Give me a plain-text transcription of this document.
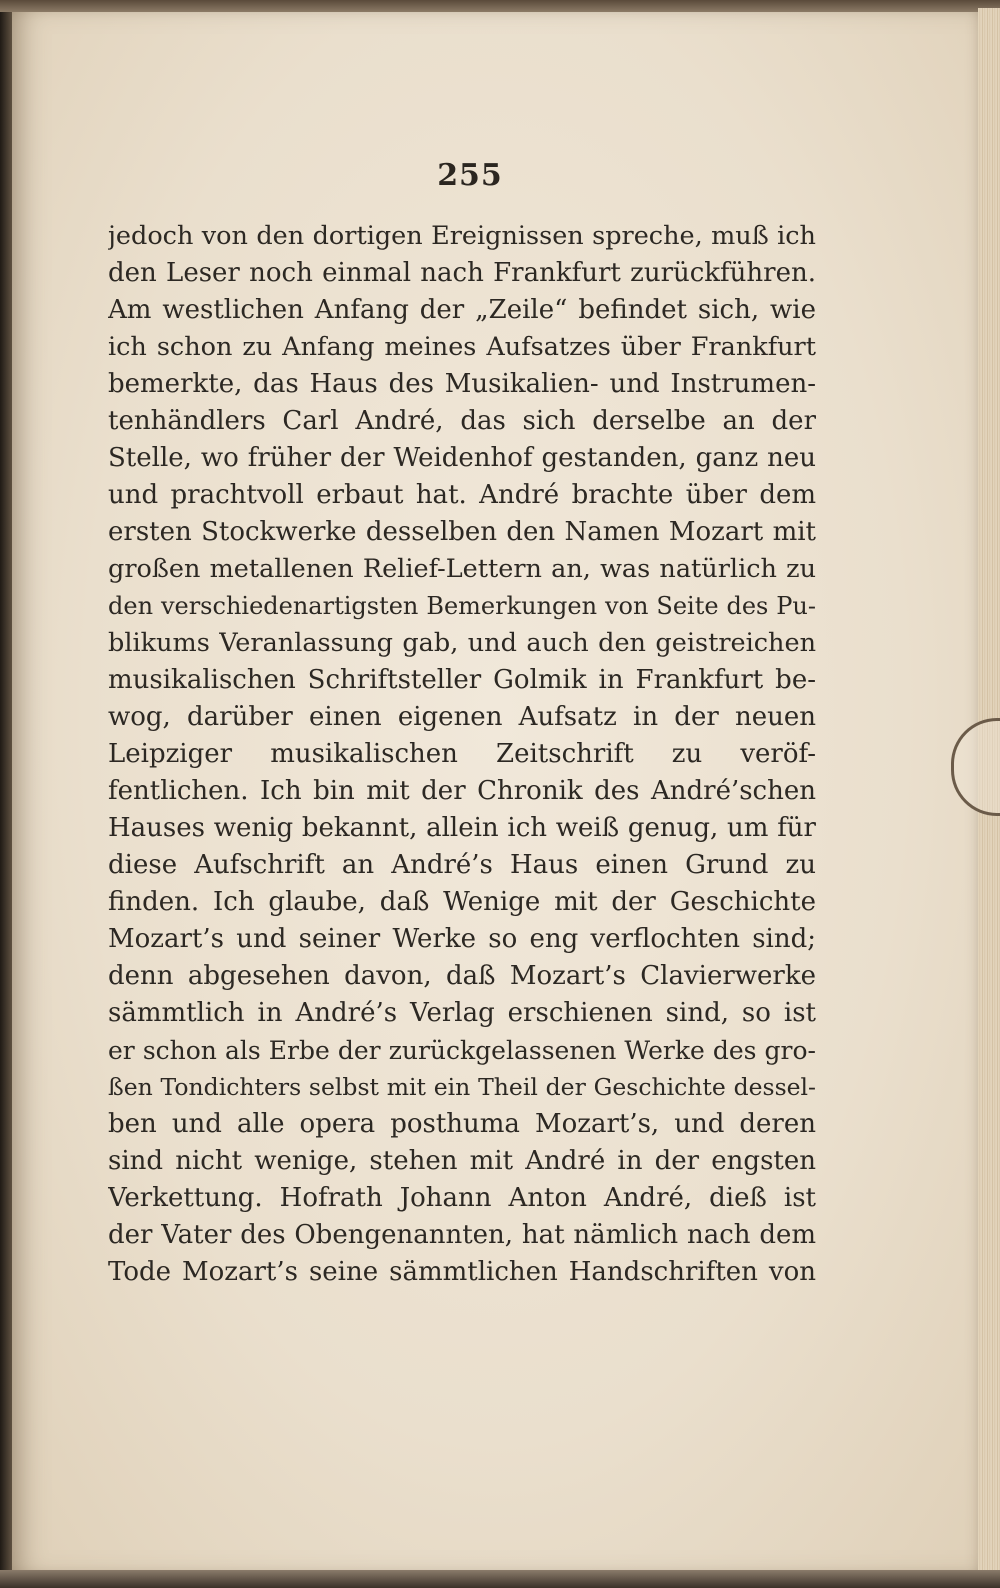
255
jedoch von den dortigen Ereignissen spreche, muß ich
den Leser noch einmal nach Frankfurt zurückführen.
Am westlichen Anfang der „Zeile“ befindet sich, wie
ich schon zu Anfang meines Aufsatzes über Frankfurt
bemerkte, das Haus des Musikalien- und Instrumen-
tenhändlers Carl André, das sich derselbe an der
Stelle, wo früher der Weidenhof gestanden, ganz neu
und prachtvoll erbaut hat. André brachte über dem
ersten Stockwerke desselben den Namen Mozart mit
großen metallenen Relief-Lettern an, was natürlich zu
den verschiedenartigsten Bemerkungen von Seite des Pu-
blikums Veranlassung gab, und auch den geistreichen
musikalischen Schriftsteller Golmik in Frankfurt be-
wog, darüber einen eigenen Aufsatz in der neuen
Leipziger musikalischen Zeitschrift zu veröf-
fentlichen. Ich bin mit der Chronik des André’schen
Hauses wenig bekannt, allein ich weiß genug, um für
diese Aufschrift an André’s Haus einen Grund zu
finden. Ich glaube, daß Wenige mit der Geschichte
Mozart’s und seiner Werke so eng verflochten sind;
denn abgesehen davon, daß Mozart’s Clavierwerke
sämmtlich in André’s Verlag erschienen sind, so ist
er schon als Erbe der zurückgelassenen Werke des gro-
ßen Tondichters selbst mit ein Theil der Geschichte dessel-
ben und alle opera posthuma Mozart’s, und deren
sind nicht wenige, stehen mit André in der engsten
Verkettung. Hofrath Johann Anton André, dieß ist
der Vater des Obengenannten, hat nämlich nach dem
Tode Mozart’s seine sämmtlichen Handschriften von
